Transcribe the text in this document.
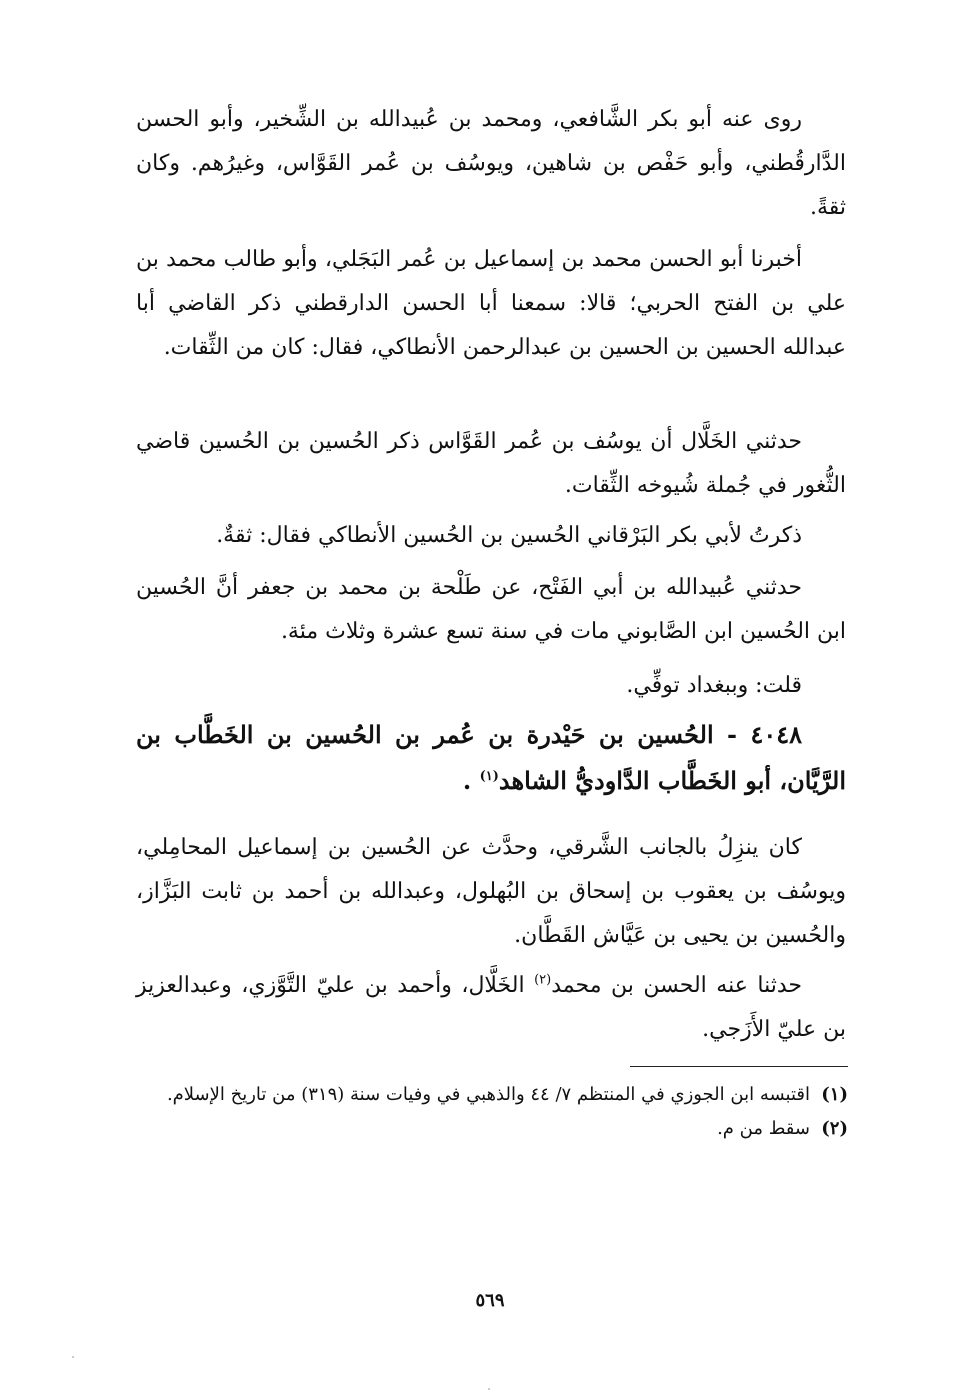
روى عنه أبو بكر الشَّافعي، ومحمد بن عُبيدالله بن الشِّخير، وأبو الحسن الدَّارقُطني، وأبو حَفْص بن شاهين، ويوسُف بن عُمر القَوَّاس، وغيرُهم. وكان ثقةً.

أخبرنا أبو الحسن محمد بن إسماعيل بن عُمر البَجَلي، وأبو طالب محمد بن علي بن الفتح الحربي؛ قالا: سمعنا أبا الحسن الدارقطني ذكر القاضي أبا عبدالله الحسين بن الحسين بن عبدالرحمن الأنطاكي، فقال: كان من الثِّقات.

حدثني الخَلَّال أن يوسُف بن عُمر القَوَّاس ذكر الحُسين بن الحُسين قاضي الثُّغور في جُملة شُيوخه الثِّقات.

ذكرتُ لأبي بكر البَرْقاني الحُسين بن الحُسين الأنطاكي فقال: ثقةٌ.

حدثني عُبيدالله بن أبي الفَتْح، عن طَلْحة بن محمد بن جعفر أنَّ الحُسين ابن الحُسين ابن الصَّابوني مات في سنة تسع عشرة وثلاث مئة.

قلت: وببغداد توفِّي.

٤٠٤٨ - الحُسين بن حَيْدرة بن عُمر بن الحُسين بن الخَطَّاب بن الرَّيَّان، أبو الخَطَّاب الدَّاوديُّ الشاهد$^{(١)}$ .

كان ينزِلُ بالجانب الشَّرقي، وحدَّث عن الحُسين بن إسماعيل المحامِلي، ويوسُف بن يعقوب بن إسحاق بن البُهلول، وعبدالله بن أحمد بن ثابت البَزَّاز، والحُسين بن يحيى بن عَيَّاش القَطَّان.

حدثنا عنه الحسن بن محمد$^{(٢)}$ الخَلَّال، وأحمد بن عليّ التَّوَّزي، وعبدالعزيز بن عليّ الأَزَجي.

(١)
اقتبسه ابن الجوزي في المنتظم ٧/ ٤٤ والذهبي في وفيات سنة (٣١٩) من تاريخ الإسلام.

(٢)
سقط من م.

٥٦٩
